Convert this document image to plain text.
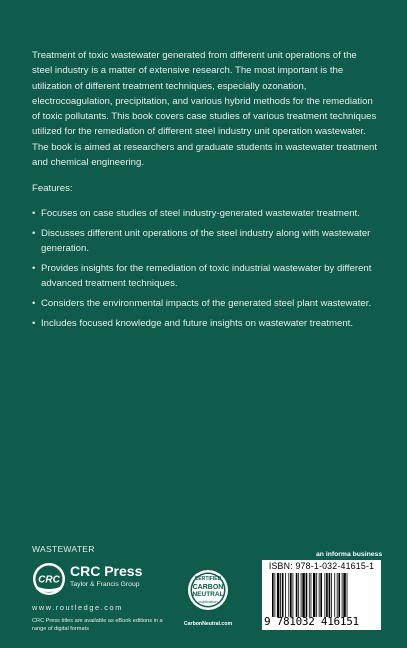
Treatment of toxic wastewater generated from different unit operations of the steel industry is a matter of extensive research. The most important is the utilization of different treatment techniques, especially ozonation, electrocoagulation, precipitation, and various hybrid methods for the remediation of toxic pollutants. This book covers case studies of various treatment techniques utilized for the remediation of different steel industry unit operation wastewater. The book is aimed at researchers and graduate students in wastewater treatment and chemical engineering.

Features:

• Focuses on case studies of steel industry-generated wastewater treatment.
• Discusses different unit operations of the steel industry along with wastewater generation.
• Provides insights for the remediation of toxic industrial wastewater by different advanced treatment techniques.
• Considers the environmental impacts of the generated steel plant wastewater.
• Includes focused knowledge and future insights on wastewater treatment.
WASTEWATER
CRC
CRC Press
Taylor & Francis Group
www.routledge.com
CRC Press titles are available as eBook editions in a range of digital formats
CERTIFIED
CARBON
NEUTRAL
publication
CarbonNeutral.com
an informa business
ISBN: 978-1-032-41615-1
9 781032 416151
